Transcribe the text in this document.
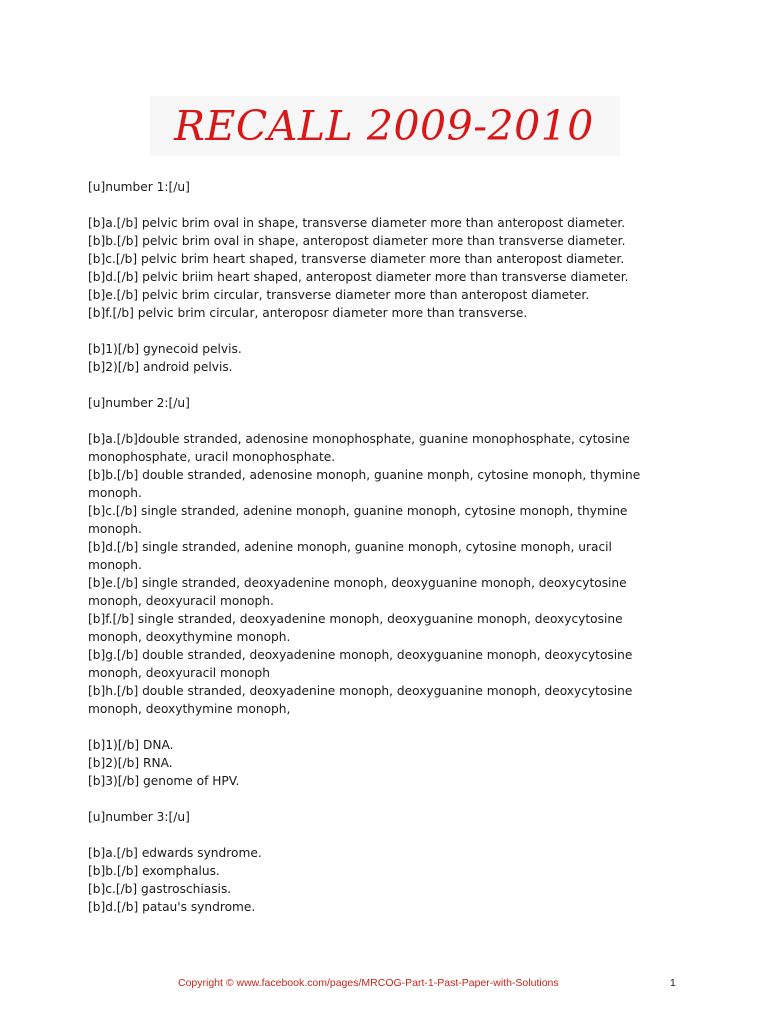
RECALL 2009-2010
[u]number 1:[/u]
[b]a.[/b] pelvic brim oval in shape, transverse diameter more than anteropost diameter.
[b]b.[/b] pelvic brim oval in shape, anteropost diameter more than transverse diameter.
[b]c.[/b] pelvic brim heart shaped, transverse diameter more than anteropost diameter.
[b]d.[/b] pelvic briim heart shaped, anteropost diameter more than transverse diameter.
[b]e.[/b] pelvic brim circular, transverse diameter more than anteropost diameter.
[b]f.[/b] pelvic brim circular, anteroposr diameter more than transverse.
[b]1)[/b] gynecoid pelvis.
[b]2)[/b] android pelvis.
[u]number 2:[/u]
[b]a.[/b]double stranded, adenosine monophosphate, guanine monophosphate, cytosine
monophosphate, uracil monophosphate.
[b]b.[/b] double stranded, adenosine monoph, guanine monph, cytosine monoph, thymine
monoph.
[b]c.[/b] single stranded, adenine monoph, guanine monoph, cytosine monoph, thymine
monoph.
[b]d.[/b] single stranded, adenine monoph, guanine monoph, cytosine monoph, uracil
monoph.
[b]e.[/b] single stranded, deoxyadenine monoph, deoxyguanine monoph, deoxycytosine
monoph, deoxyuracil monoph.
[b]f.[/b] single stranded, deoxyadenine monoph, deoxyguanine monoph, deoxycytosine
monoph, deoxythymine monoph.
[b]g.[/b] double stranded, deoxyadenine monoph, deoxyguanine monoph, deoxycytosine
monoph, deoxyuracil monoph
[b]h.[/b] double stranded, deoxyadenine monoph, deoxyguanine monoph, deoxycytosine
monoph, deoxythymine monoph,
[b]1)[/b] DNA.
[b]2)[/b] RNA.
[b]3)[/b] genome of HPV.
[u]number 3:[/u]
[b]a.[/b] edwards syndrome.
[b]b.[/b] exomphalus.
[b]c.[/b] gastroschiasis.
[b]d.[/b] patau's syndrome.
Copyright © www.facebook.com/pages/MRCOG-Part-1-Past-Paper-with-Solutions	1
